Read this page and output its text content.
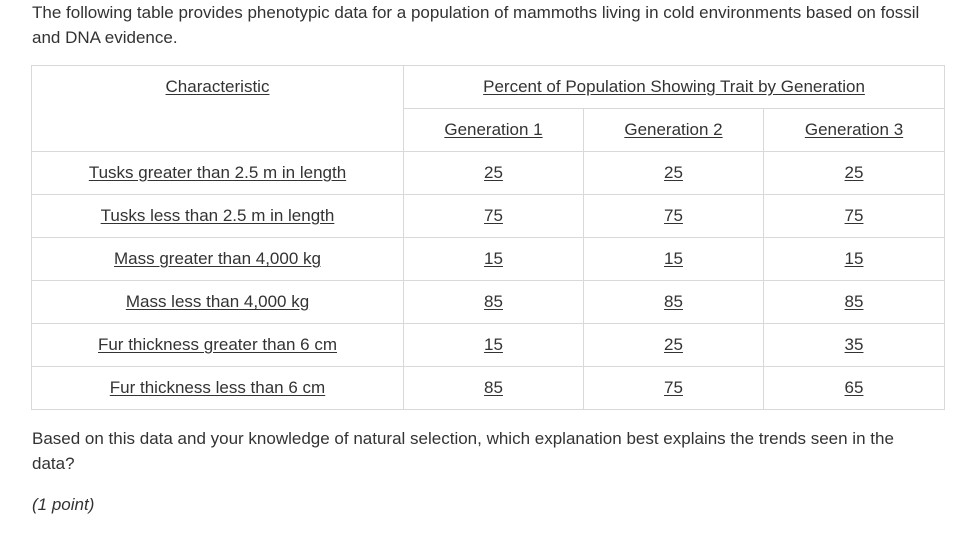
The following table provides phenotypic data for a population of mammoths living in cold environments based on fossil and DNA evidence.

Characteristic	Percent of Population Showing Trait by Generation		
	Generation 1	Generation 2	Generation 3
Tusks greater than 2.5 m in length	25	25	25
Tusks less than 2.5 m in length	75	75	75
Mass greater than 4,000 kg	15	15	15
Mass less than 4,000 kg	85	85	85
Fur thickness greater than 6 cm	15	25	35
Fur thickness less than 6 cm	85	75	65

Based on this data and your knowledge of natural selection, which explanation best explains the trends seen in the data?

(1 point)
